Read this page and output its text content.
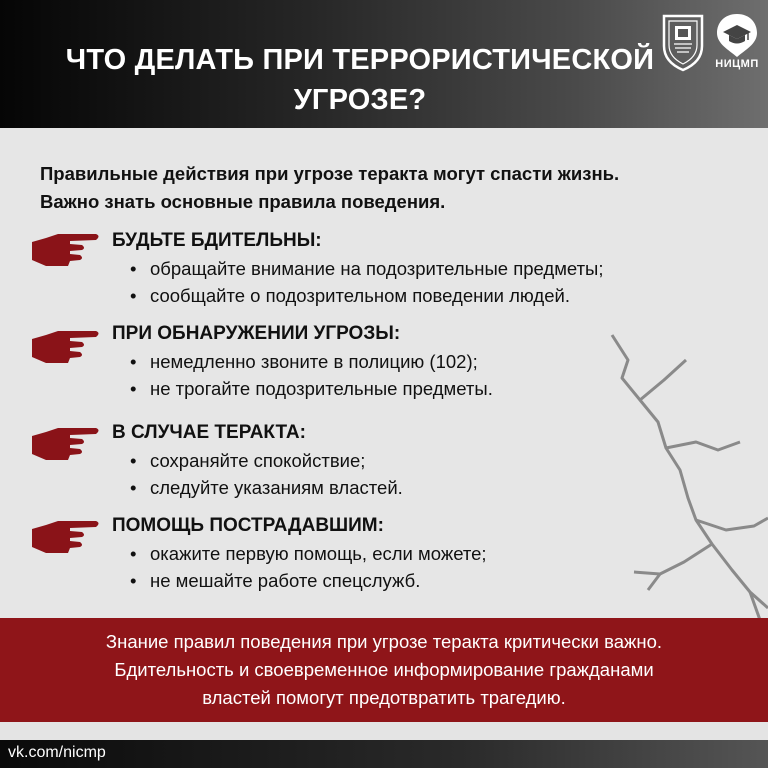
ЧТО ДЕЛАТЬ ПРИ ТЕРРОРИСТИЧЕСКОЙ
УГРОЗЕ?
НИЦМП
Правильные действия при угрозе теракта могут спасти жизнь.
Важно знать основные правила поведения.
БУДЬТЕ БДИТЕЛЬНЫ:
• обращайте внимание на подозрительные предметы;
• сообщайте о подозрительном поведении людей.
ПРИ ОБНАРУЖЕНИИ УГРОЗЫ:
• немедленно звоните в полицию (102);
• не трогайте подозрительные предметы.
В СЛУЧАЕ ТЕРАКТА:
• сохраняйте спокойствие;
• следуйте указаниям властей.
ПОМОЩЬ ПОСТРАДАВШИМ:
• окажите первую помощь, если можете;
• не мешайте работе спецслужб.
Знание правил поведения при угрозе теракта критически важно.
Бдительность и своевременное информирование гражданами
властей помогут предотвратить трагедию.
vk.com/nicmp
